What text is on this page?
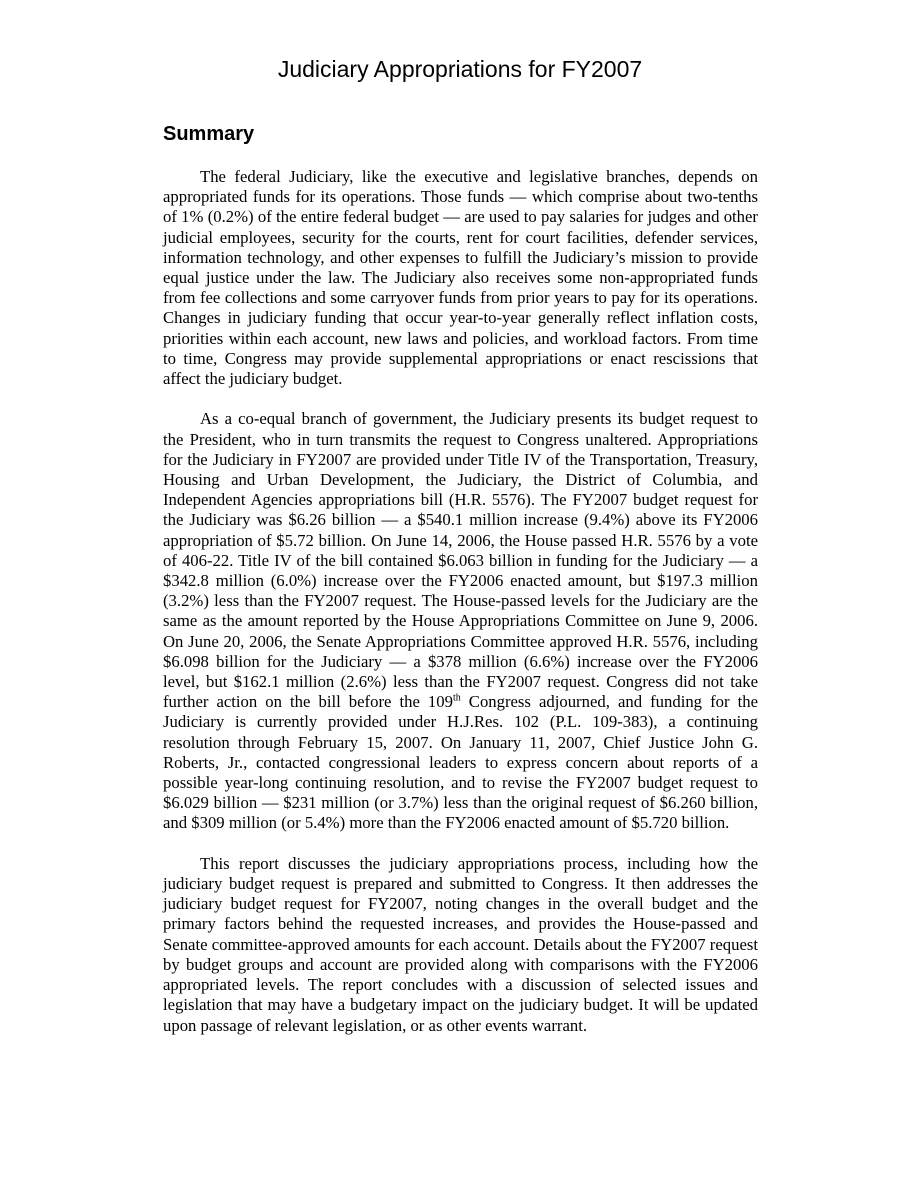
Judiciary Appropriations for FY2007
Summary

The federal Judiciary, like the executive and legislative branches, depends on appropriated funds for its operations. Those funds — which comprise about two-tenths of 1% (0.2%) of the entire federal budget — are used to pay salaries for judges and other judicial employees, security for the courts, rent for court facilities, defender services, information technology, and other expenses to fulfill the Judiciary’s mission to provide equal justice under the law. The Judiciary also receives some non-appropriated funds from fee collections and some carryover funds from prior years to pay for its operations. Changes in judiciary funding that occur year-to-year generally reflect inflation costs, priorities within each account, new laws and policies, and workload factors. From time to time, Congress may provide supplemental appropriations or enact rescissions that affect the judiciary budget.

As a co-equal branch of government, the Judiciary presents its budget request to the President, who in turn transmits the request to Congress unaltered. Appropriations for the Judiciary in FY2007 are provided under Title IV of the Transportation, Treasury, Housing and Urban Development, the Judiciary, the District of Columbia, and Independent Agencies appropriations bill (H.R. 5576). The FY2007 budget request for the Judiciary was $6.26 billion — a $540.1 million increase (9.4%) above its FY2006 appropriation of $5.72 billion. On June 14, 2006, the House passed H.R. 5576 by a vote of 406-22. Title IV of the bill contained $6.063 billion in funding for the Judiciary — a $342.8 million (6.0%) increase over the FY2006 enacted amount, but $197.3 million (3.2%) less than the FY2007 request. The House-passed levels for the Judiciary are the same as the amount reported by the House Appropriations Committee on June 9, 2006. On June 20, 2006, the Senate Appropriations Committee approved H.R. 5576, including $6.098 billion for the Judiciary — a $378 million (6.6%) increase over the FY2006 level, but $162.1 million (2.6%) less than the FY2007 request. Congress did not take further action on the bill before the 109th Congress adjourned, and funding for the Judiciary is currently provided under H.J.Res. 102 (P.L. 109-383), a continuing resolution through February 15, 2007. On January 11, 2007, Chief Justice John G. Roberts, Jr., contacted congressional leaders to express concern about reports of a possible year-long continuing resolution, and to revise the FY2007 budget request to $6.029 billion — $231 million (or 3.7%) less than the original request of $6.260 billion, and $309 million (or 5.4%) more than the FY2006 enacted amount of $5.720 billion.

This report discusses the judiciary appropriations process, including how the judiciary budget request is prepared and submitted to Congress. It then addresses the judiciary budget request for FY2007, noting changes in the overall budget and the primary factors behind the requested increases, and provides the House-passed and Senate committee-approved amounts for each account. Details about the FY2007 request by budget groups and account are provided along with comparisons with the FY2006 appropriated levels. The report concludes with a discussion of selected issues and legislation that may have a budgetary impact on the judiciary budget. It will be updated upon passage of relevant legislation, or as other events warrant.
